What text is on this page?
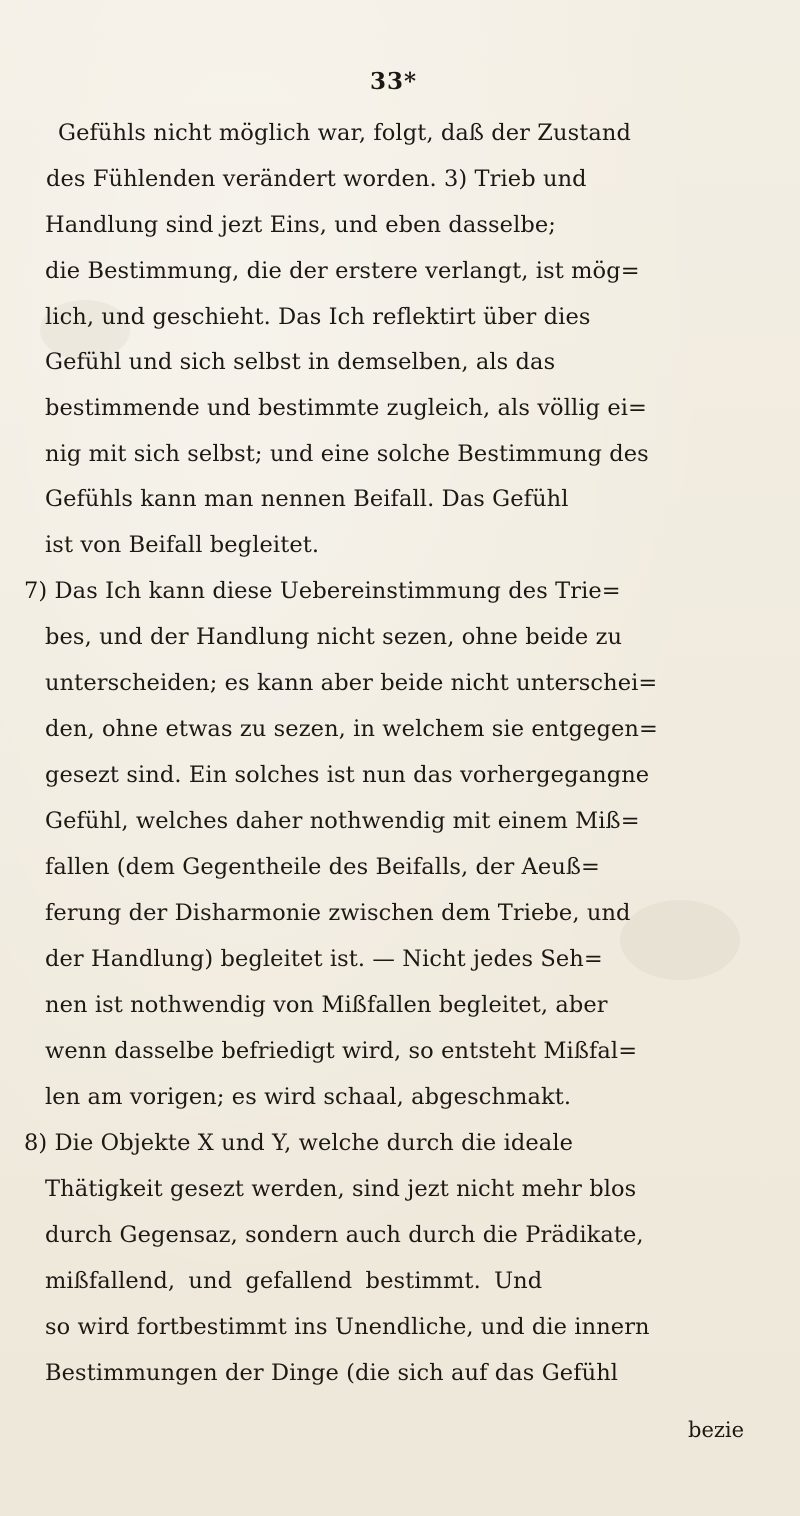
33*
Gefühls nicht möglich war, folgt, daß der Zustand
des Fühlenden verändert worden. 3) Trieb und
Handlung sind jezt Eins, und eben dasselbe;
die Bestimmung, die der erstere verlangt, ist mög=
lich, und geschieht. Das Ich reflektirt über dies
Gefühl und sich selbst in demselben, als das
bestimmende und bestimmte zugleich, als völlig ei=
nig mit sich selbst; und eine solche Bestimmung des
Gefühls kann man nennen Beifall. Das Gefühl
ist von Beifall begleitet.
7) Das Ich kann diese Uebereinstimmung des Trie=
bes, und der Handlung nicht sezen, ohne beide zu
unterscheiden; es kann aber beide nicht unterschei=
den, ohne etwas zu sezen, in welchem sie entgegen=
gesezt sind. Ein solches ist nun das vorhergegangne
Gefühl, welches daher nothwendig mit einem Miß=
fallen (dem Gegentheile des Beifalls, der Aeuß=
ferung der Disharmonie zwischen dem Triebe, und
der Handlung) begleitet ist. — Nicht jedes Seh=
nen ist nothwendig von Mißfallen begleitet, aber
wenn dasselbe befriedigt wird, so entsteht Mißfal=
len am vorigen; es wird schaal, abgeschmakt.
8) Die Objekte X und Y, welche durch die ideale
Thätigkeit gesezt werden, sind jezt nicht mehr blos
durch Gegensaz, sondern auch durch die Prädikate,
mißfallend, und gefallend bestimmt. Und
so wird fortbestimmt ins Unendliche, und die innern
Bestimmungen der Dinge (die sich auf das Gefühl
bezie
